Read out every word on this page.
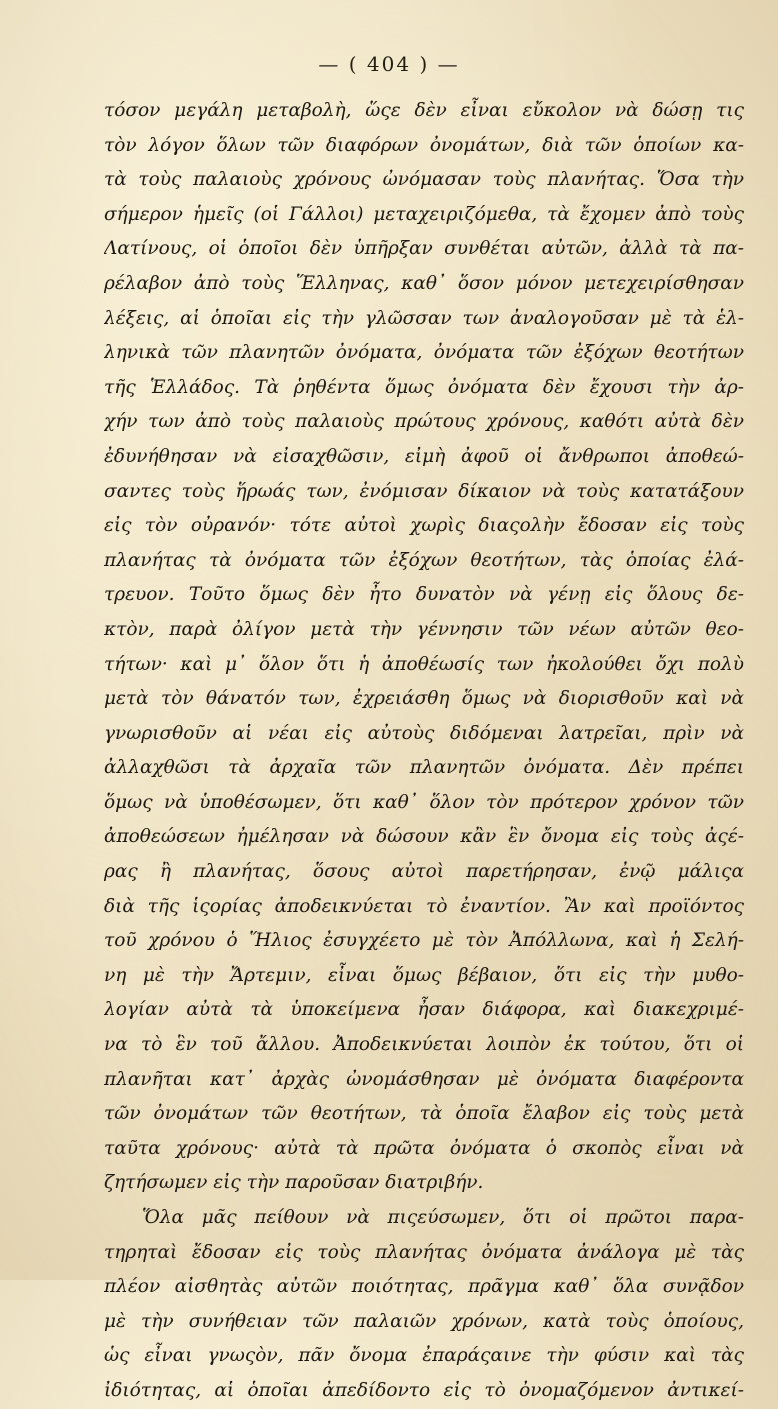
— ( 404 ) —
τόσον μεγάλη μεταβολὴ, ὥςε δὲν εἶναι εὔκολον νὰ δώσῃ τις
τὸν λόγον ὅλων τῶν διαφόρων ὀνομάτων, διὰ τῶν ὁποίων κα-
τὰ τοὺς παλαιοὺς χρόνους ὠνόμασαν τοὺς πλανήτας. Ὅσα τὴν
σήμερον ἡμεῖς (οἱ Γάλλοι) μεταχειριζόμεθα, τὰ ἔχομεν ἀπὸ τοὺς
Λατίνους, οἱ ὁποῖοι δὲν ὑπῆρξαν συνθέται αὐτῶν, ἀλλὰ τὰ πα-
ρέλαβον ἀπὸ τοὺς Ἕλληνας, καθ᾽ ὅσον μόνον μετεχειρίσθησαν
λέξεις, αἱ ὁποῖαι εἰς τὴν γλῶσσαν των ἀναλογοῦσαν μὲ τὰ ἑλ-
ληνικὰ τῶν πλανητῶν ὀνόματα, ὀνόματα τῶν ἐξόχων θεοτήτων
τῆς Ἑλλάδος. Τὰ ῥηθέντα ὅμως ὀνόματα δὲν ἔχουσι τὴν ἀρ-
χήν των ἀπὸ τοὺς παλαιοὺς πρώτους χρόνους, καθότι αὐτὰ δὲν
ἐδυνήθησαν νὰ εἰσαχθῶσιν, εἰμὴ ἀφοῦ οἱ ἄνθρωποι ἀποθεώ-
σαντες τοὺς ἥρωάς των, ἐνόμισαν δίκαιον νὰ τοὺς κατατάξουν
εἰς τὸν οὐρανόν· τότε αὐτοὶ χωρὶς διαςολὴν ἔδοσαν εἰς τοὺς
πλανήτας τὰ ὀνόματα τῶν ἐξόχων θεοτήτων, τὰς ὁποίας ἐλά-
τρευον. Τοῦτο ὅμως δὲν ἦτο δυνατὸν νὰ γένῃ εἰς ὅλους δε-
κτὸν, παρὰ ὀλίγον μετὰ τὴν γέννησιν τῶν νέων αὐτῶν θεο-
τήτων· καὶ μ᾽ ὅλον ὅτι ἡ ἀποθέωσίς των ἠκολούθει ὄχι πολὺ
μετὰ τὸν θάνατόν των, ἐχρειάσθη ὅμως νὰ διορισθοῦν καὶ νὰ
γνωρισθοῦν αἱ νέαι εἰς αὐτοὺς διδόμεναι λατρεῖαι, πρὶν νὰ
ἀλλαχθῶσι τὰ ἀρχαῖα τῶν πλανητῶν ὀνόματα. Δὲν πρέπει
ὅμως νὰ ὑποθέσωμεν, ὅτι καθ᾽ ὅλον τὸν πρότερον χρόνον τῶν
ἀποθεώσεων ἠμέλησαν νὰ δώσουν κἂν ἓν ὄνομα εἰς τοὺς ἀςέ-
ρας ἢ πλανήτας, ὅσους αὐτοὶ παρετήρησαν, ἐνῷ μάλιςα
διὰ τῆς ἱςορίας ἀποδεικνύεται τὸ ἐναντίον. Ἂν καὶ προϊόντος
τοῦ χρόνου ὁ Ἥλιος ἐσυγχέετο μὲ τὸν Ἀπόλλωνα, καὶ ἡ Σελή-
νη μὲ τὴν Ἄρτεμιν, εἶναι ὅμως βέβαιον, ὅτι εἰς τὴν μυθο-
λογίαν αὐτὰ τὰ ὑποκείμενα ἦσαν διάφορα, καὶ διακεχριμέ-
να τὸ ἓν τοῦ ἄλλου. Ἀποδεικνύεται λοιπὸν ἐκ τούτου, ὅτι οἱ
πλανῆται κατ᾽ ἀρχὰς ὠνομάσθησαν μὲ ὀνόματα διαφέροντα
τῶν ὀνομάτων τῶν θεοτήτων, τὰ ὁποῖα ἔλαβον εἰς τοὺς μετὰ
ταῦτα χρόνους· αὐτὰ τὰ πρῶτα ὀνόματα ὁ σκοπὸς εἶναι νὰ
ζητήσωμεν εἰς τὴν παροῦσαν διατριβήν.
Ὅλα μᾶς πείθουν νὰ πιςεύσωμεν, ὅτι οἱ πρῶτοι παρα-
τηρηταὶ ἔδοσαν εἰς τοὺς πλανήτας ὀνόματα ἀνάλογα μὲ τὰς
πλέον αἰσθητὰς αὐτῶν ποιότητας, πρᾶγμα καθ᾽ ὅλα συνᾷδον
μὲ τὴν συνήθειαν τῶν παλαιῶν χρόνων, κατὰ τοὺς ὁποίους,
ὡς εἶναι γνωςὸν, πᾶν ὄνομα ἐπαράςαινε τὴν φύσιν καὶ τὰς
ἰδιότητας, αἱ ὁποῖαι ἀπεδίδοντο εἰς τὸ ὀνομαζόμενον ἀντικεί-
